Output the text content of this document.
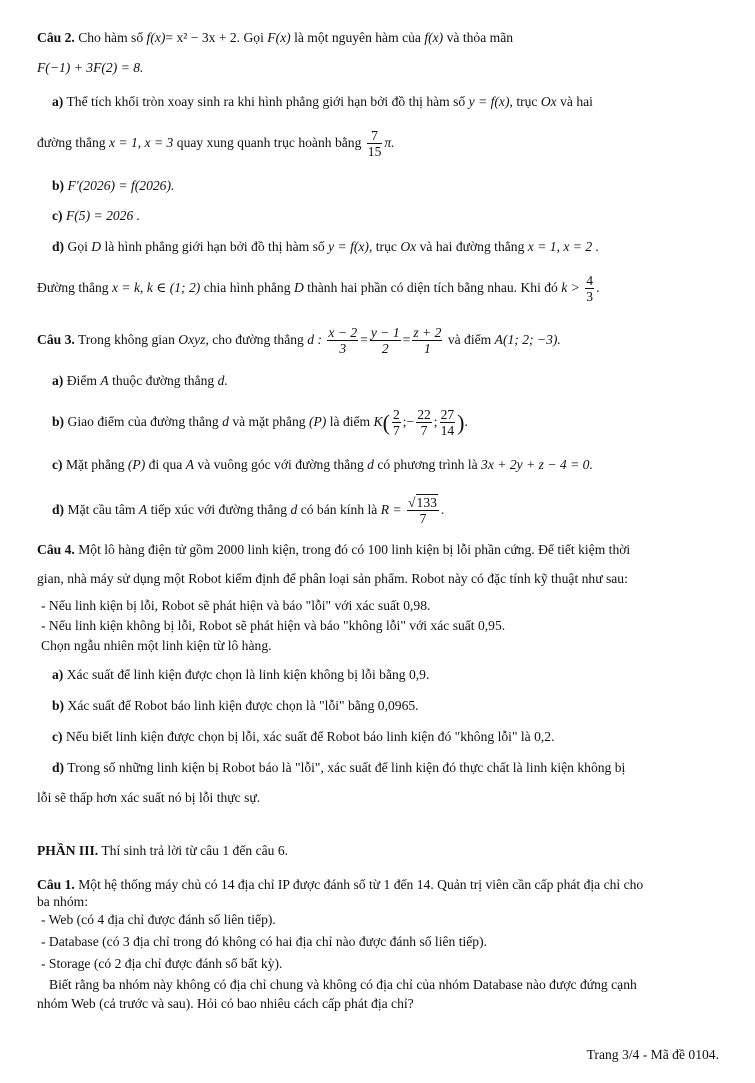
Câu 2. Cho hàm số f(x)= x² − 3x + 2. Gọi F(x) là một nguyên hàm của f(x) và thỏa mãn
F(−1) + 3F(2) = 8.
a) Thể tích khối tròn xoay sinh ra khi hình phẳng giới hạn bởi đồ thị hàm số y = f(x), trục Ox và hai
đường thẳng x = 1, x = 3 quay xung quanh trục hoành bằng $\frac{7}{15} \pi$.
b) F′(2026) = f(2026).
c) F(5) = 2026 .
d) Gọi D là hình phẳng giới hạn bởi đồ thị hàm số y = f(x), trục Ox và hai đường thẳng x = 1, x = 2 .
Đường thẳng x = k, k ∈ (1; 2) chia hình phẳng D thành hai phần có diện tích bằng nhau. Khi đó $k > \frac{4}{3}$ .
Câu 3. Trong không gian Oxyz, cho đường thẳng d : $\frac{x - 2}{3} = \frac{y - 1}{2} = \frac{z + 2}{1}$ và điểm A(1; 2; −3).
a) Điểm A thuộc đường thẳng d.
b) Giao điểm của đường thẳng d và mặt phẳng (P) là điểm $K( \frac{2}{7}$ ;− $\frac{22}{7}$ ; $\frac{27}{14}$ ).
c) Mặt phẳng (P) đi qua A và vuông góc với đường thẳng d có phương trình là 3x + 2y + z − 4 = 0.
d) Mặt cầu tâm A tiếp xúc với đường thẳng d có bán kính là $R = \frac{√133}{7}$ .
Câu 4. Một lô hàng điện tử gồm 2000 linh kiện, trong đó có 100 linh kiện bị lỗi phần cứng. Để tiết kiệm thời
gian, nhà máy sử dụng một Robot kiểm định để phân loại sản phẩm. Robot này có đặc tính kỹ thuật như sau:
- Nếu linh kiện bị lỗi, Robot sẽ phát hiện và báo "lỗi" với xác suất 0,98.
- Nếu linh kiện không bị lỗi, Robot sẽ phát hiện và báo "không lỗi" với xác suất 0,95.
Chọn ngẫu nhiên một linh kiện từ lô hàng.
a) Xác suất để linh kiện được chọn là linh kiện không bị lỗi bằng 0,9.
b) Xác suất để Robot báo linh kiện được chọn là "lỗi" bằng 0,0965.
c) Nếu biết linh kiện được chọn bị lỗi, xác suất để Robot báo linh kiện đó "không lỗi" là 0,2.
d) Trong số những linh kiện bị Robot báo là "lỗi", xác suất để linh kiện đó thực chất là linh kiện không bị
lỗi sẽ thấp hơn xác suất nó bị lỗi thực sự.
PHẦN III. Thí sinh trả lời từ câu 1 đến câu 6.
Câu 1. Một hệ thống máy chủ có 14 địa chỉ IP được đánh số từ 1 đến 14. Quản trị viên cần cấp phát địa chỉ cho
ba nhóm:
- Web (có 4 địa chỉ được đánh số liên tiếp).
- Database (có 3 địa chỉ trong đó không có hai địa chỉ nào được đánh số liên tiếp).
- Storage (có 2 địa chỉ được đánh số bất kỳ).
Biết rằng ba nhóm này không có địa chỉ chung và không có địa chỉ của nhóm Database nào được đứng cạnh
nhóm Web (cả trước và sau). Hỏi có bao nhiêu cách cấp phát địa chỉ?
Trang 3/4 - Mã đề 0104.
